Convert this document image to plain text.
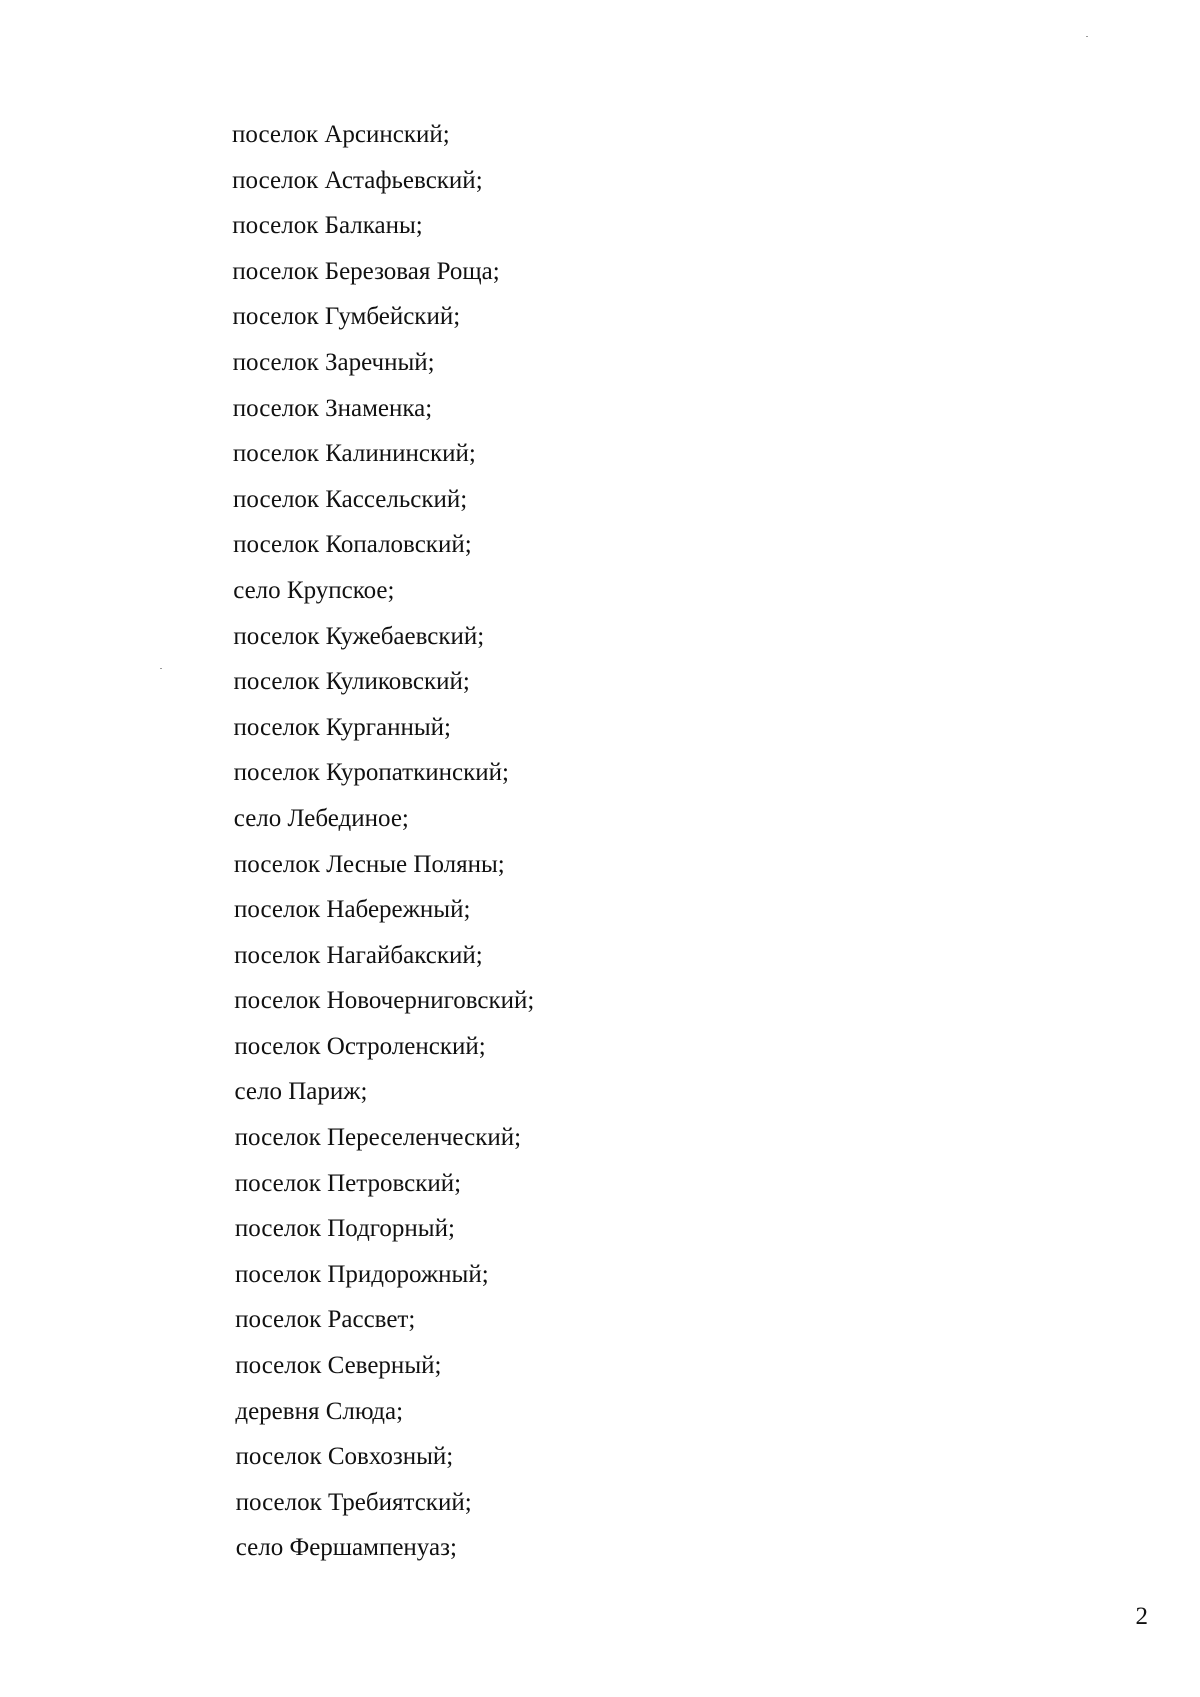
поселок Арсинский;
поселок Астафьевский;
поселок Балканы;
поселок Березовая Роща;
поселок Гумбейский;
поселок Заречный;
поселок Знаменка;
поселок Калининский;
поселок Кассельский;
поселок Копаловский;
село Крупское;
поселок Кужебаевский;
поселок Куликовский;
поселок Курганный;
поселок Куропаткинский;
село Лебединое;
поселок Лесные Поляны;
поселок Набережный;
поселок Нагайбакский;
поселок Новочерниговский;
поселок Остроленский;
село Париж;
поселок Переселенческий;
поселок Петровский;
поселок Подгорный;
поселок Придорожный;
поселок Рассвет;
поселок Северный;
деревня Слюда;
поселок Совхозный;
поселок Требиятский;
село Фершампенуаз;
2
